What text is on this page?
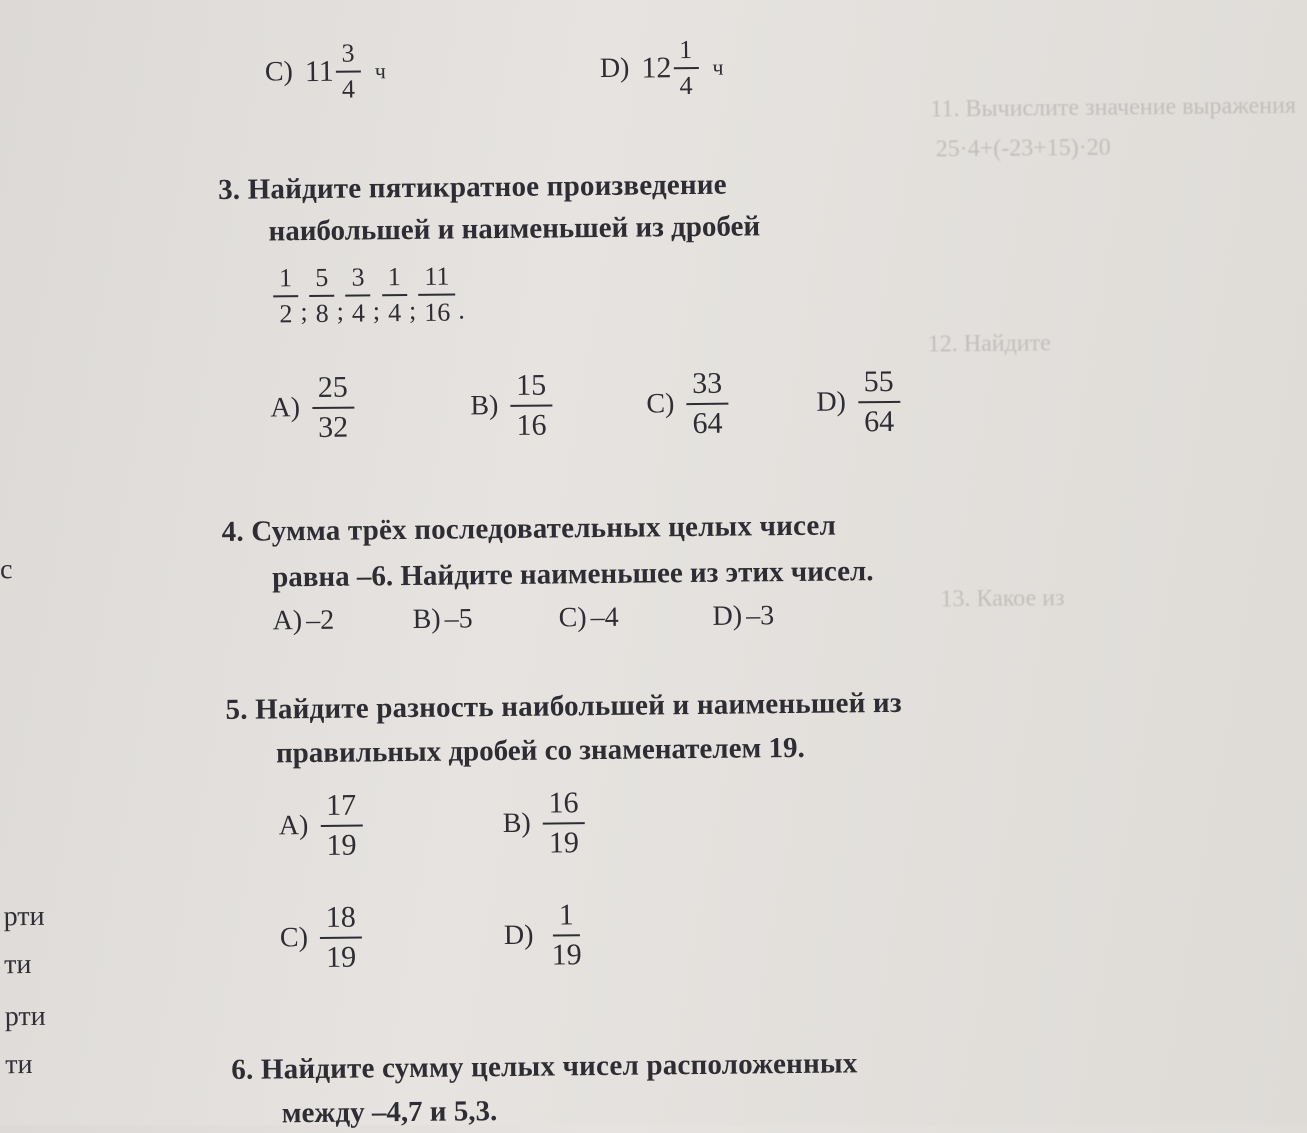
11. Вычислите значение выражения
25·4+(-23+15)·20
12. Найдите
13. Какое из
с
рти
ти
рти
ти
C) $11 \frac{3}{4}$ ч	D) $12 \frac{1}{4}$ ч
3. Найдите пятикратное произведение
наибольшей и наименьшей из дробей
$\frac{1}{2}$ ; $\frac{5}{8}$ ; $\frac{3}{4}$ ; $\frac{1}{4}$ ; $\frac{11}{16}$ .
$A) \frac{25}{32}$	$B) \frac{15}{16}$	$C) \frac{33}{64}$	$D) \frac{55}{64}$
4. Сумма трёх последовательных целых чисел
равна –6. Найдите наименьшее из этих чисел.
A) –2	B) –5	C) –4	D) –3
5. Найдите разность наибольшей и наименьшей из
правильных дробей со знаменателем 19.
$A) \frac{17}{19}$	$B) \frac{16}{19}$
$C) \frac{18}{19}$	$D) \frac{1}{19}$
6. Найдите сумму целых чисел расположенных
между –4,7 и 5,3.
